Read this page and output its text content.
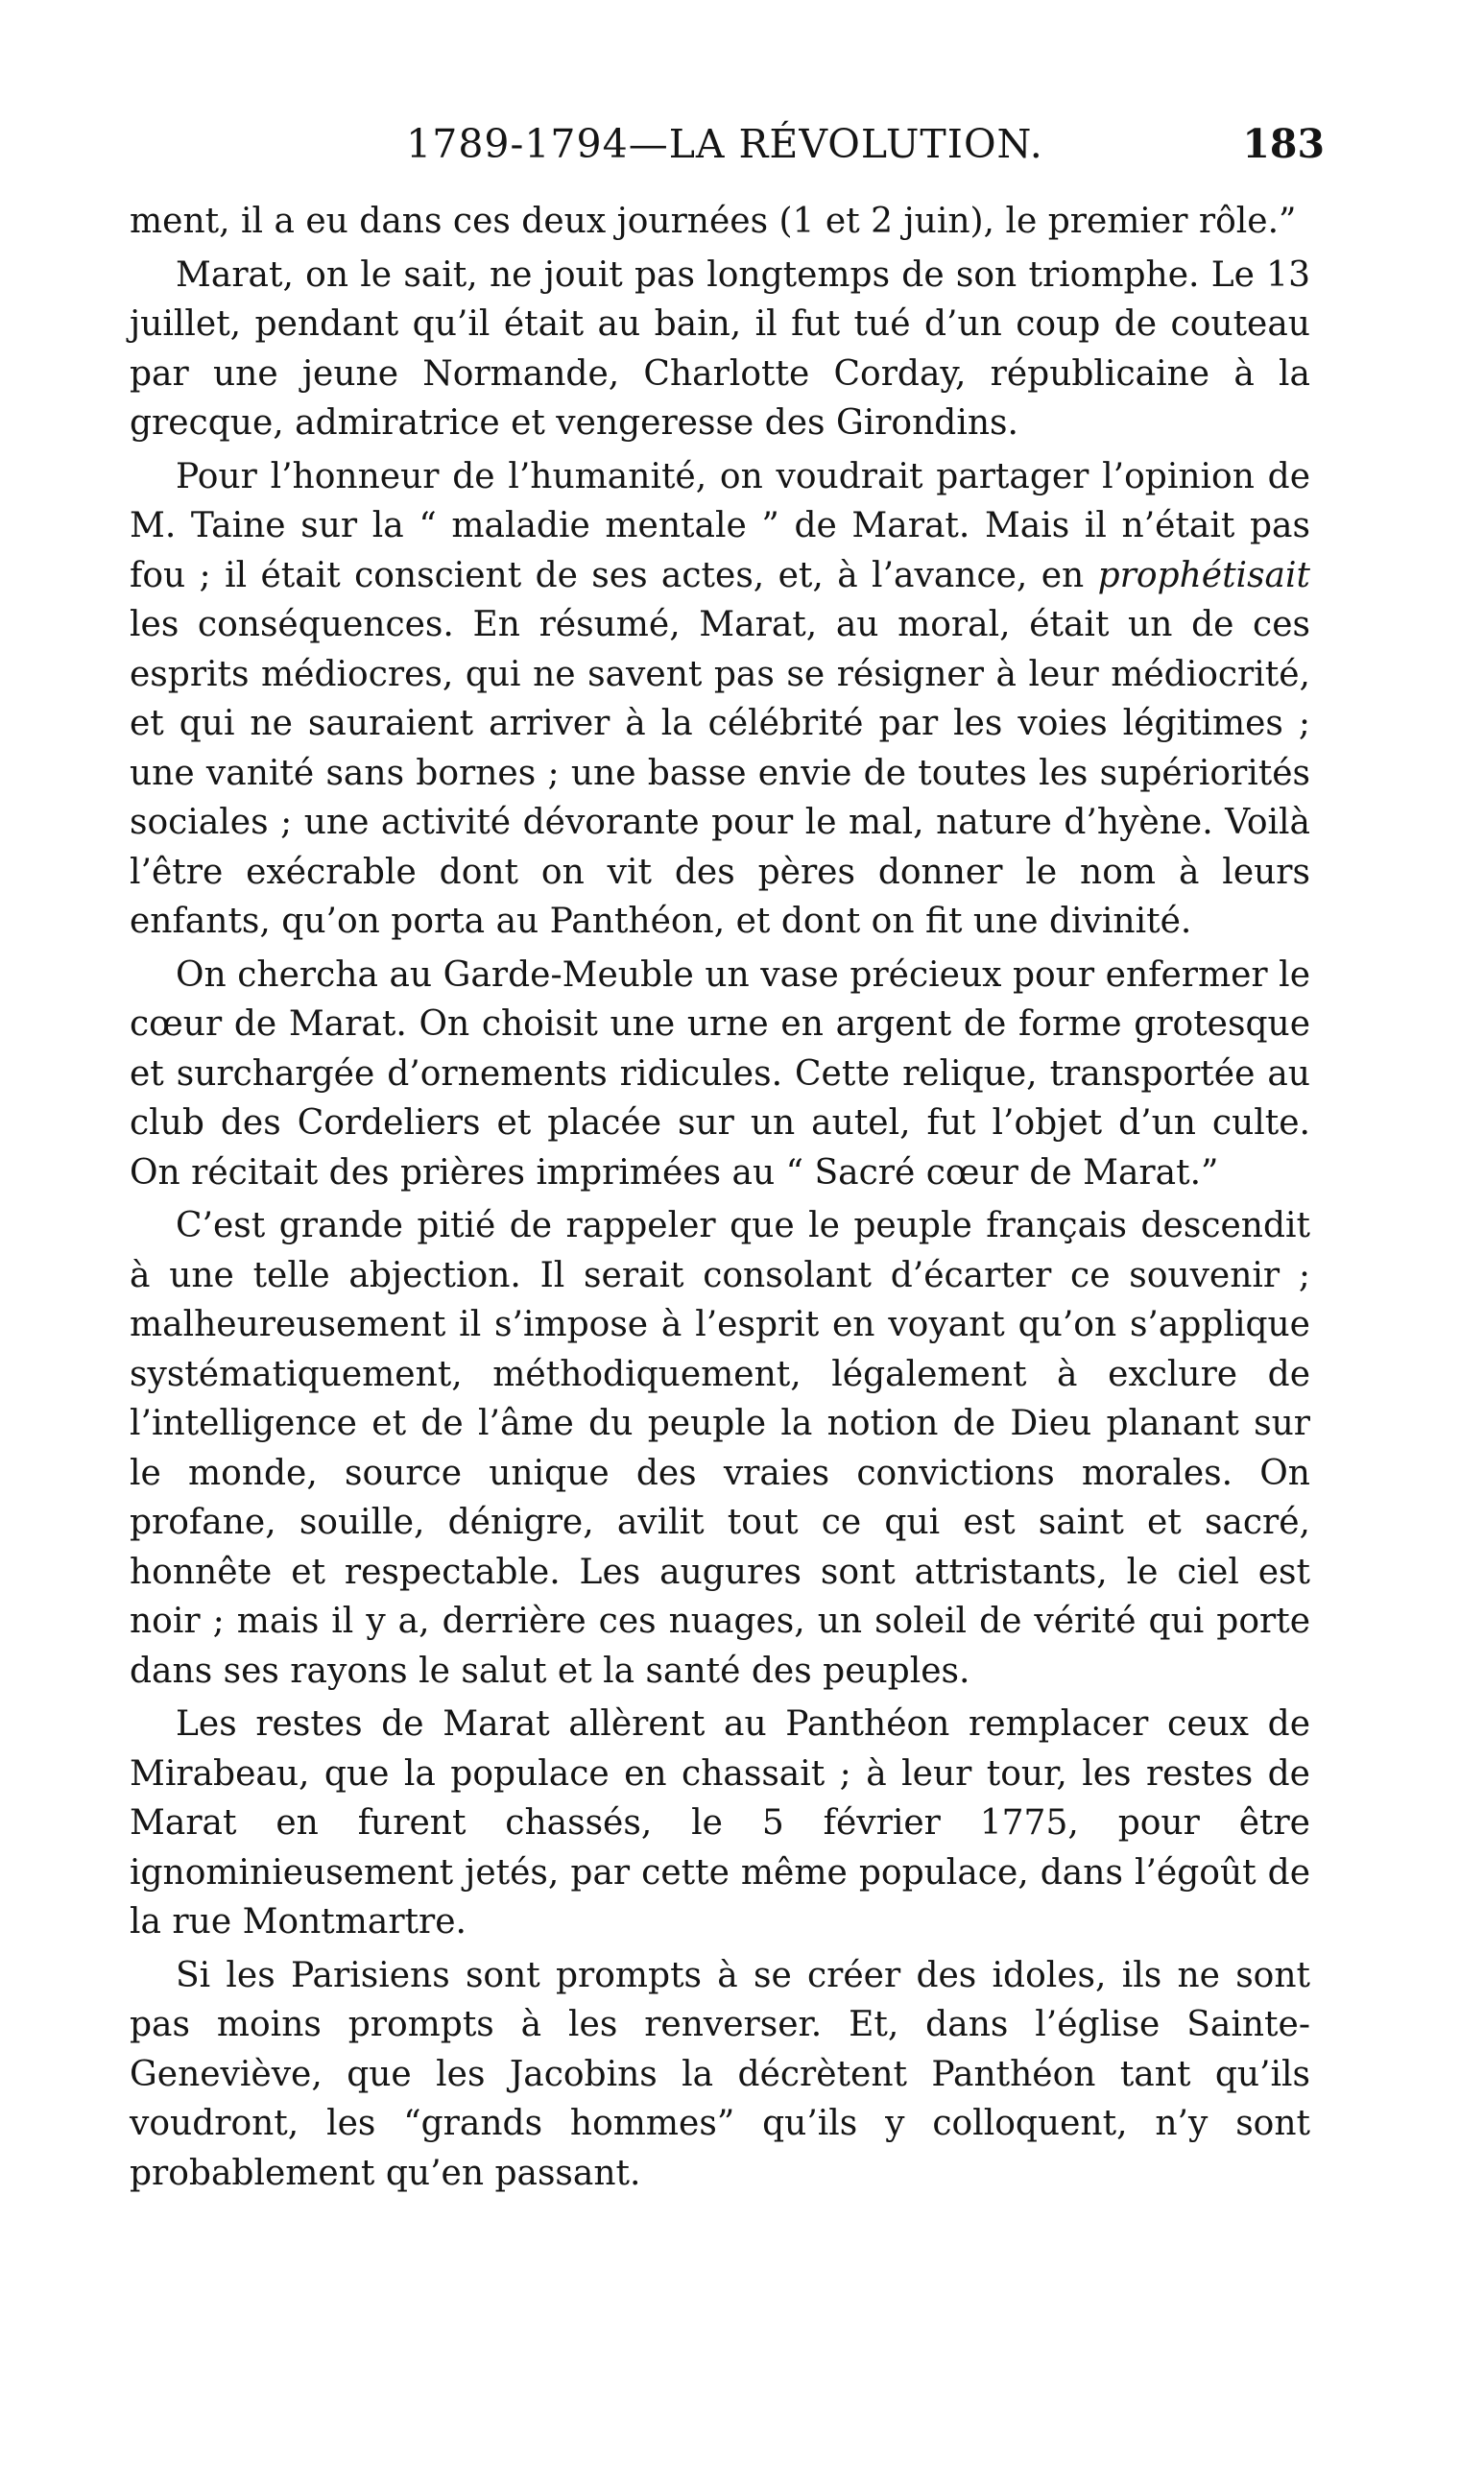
1789-1794—LA RÉVOLUTION.	183

ment, il a eu dans ces deux journées (1 et 2 juin), le premier rôle.”

Marat, on le sait, ne jouit pas longtemps de son triomphe. Le 13 juillet, pendant qu’il était au bain, il fut tué d’un coup de couteau par une jeune Normande, Charlotte Corday, républicaine à la grecque, admiratrice et vengeresse des Girondins.

Pour l’honneur de l’humanité, on voudrait partager l’opinion de M. Taine sur la “ maladie mentale ” de Marat. Mais il n’était pas fou ; il était conscient de ses actes, et, à l’avance, en prophétisait les conséquences. En résumé, Marat, au moral, était un de ces esprits médiocres, qui ne savent pas se résigner à leur médiocrité, et qui ne sauraient arriver à la célébrité par les voies légitimes ; une vanité sans bornes ; une basse envie de toutes les supériorités sociales ; une activité dévorante pour le mal, nature d’hyène. Voilà l’être exécrable dont on vit des pères donner le nom à leurs enfants, qu’on porta au Panthéon, et dont on fit une divinité.

On chercha au Garde-Meuble un vase précieux pour enfermer le cœur de Marat. On choisit une urne en argent de forme grotesque et surchargée d’ornements ridicules. Cette relique, transportée au club des Cordeliers et placée sur un autel, fut l’objet d’un culte. On récitait des prières imprimées au “ Sacré cœur de Marat.”

C’est grande pitié de rappeler que le peuple français descendit à une telle abjection. Il serait consolant d’écarter ce souvenir ; malheureusement il s’impose à l’esprit en voyant qu’on s’applique systématiquement, méthodiquement, légalement à exclure de l’intelligence et de l’âme du peuple la notion de Dieu planant sur le monde, source unique des vraies convictions morales. On profane, souille, dénigre, avilit tout ce qui est saint et sacré, honnête et respectable. Les augures sont attristants, le ciel est noir ; mais il y a, derrière ces nuages, un soleil de vérité qui porte dans ses rayons le salut et la santé des peuples.

Les restes de Marat allèrent au Panthéon remplacer ceux de Mirabeau, que la populace en chassait ; à leur tour, les restes de Marat en furent chassés, le 5 février 1775, pour être ignominieusement jetés, par cette même populace, dans l’égoût de la rue Montmartre.

Si les Parisiens sont prompts à se créer des idoles, ils ne sont pas moins prompts à les renverser. Et, dans l’église Sainte-Geneviève, que les Jacobins la décrètent Panthéon tant qu’ils voudront, les “grands hommes” qu’ils y colloquent, n’y sont probablement qu’en passant.
